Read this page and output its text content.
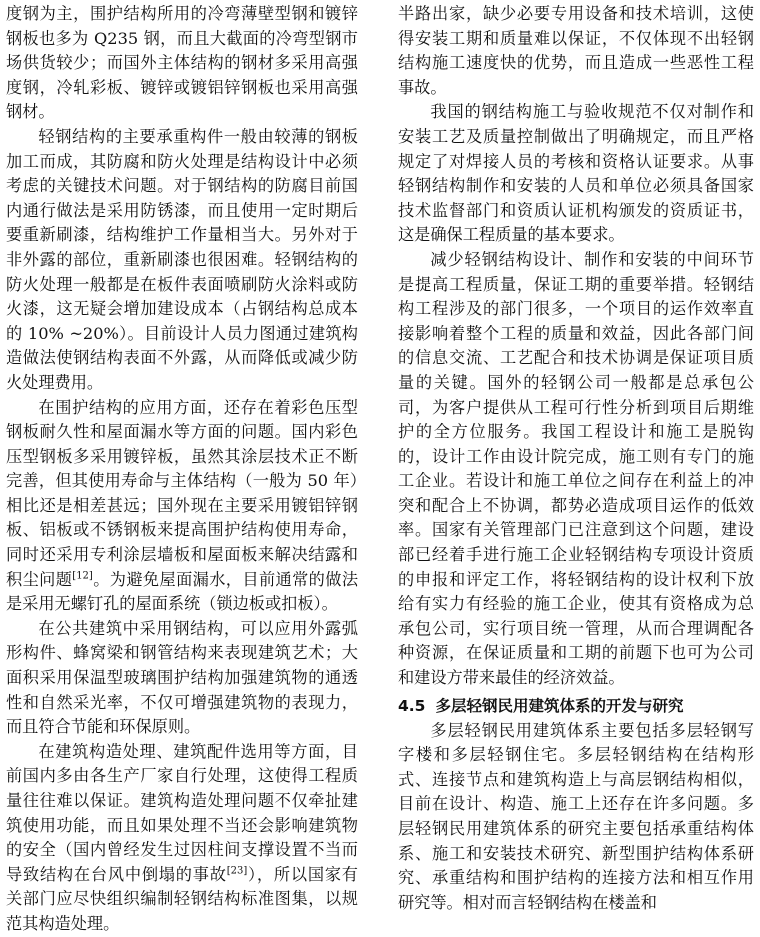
度钢为主，围护结构所用的冷弯薄壁型钢和镀锌钢板也多为 Q235 钢，而且大截面的冷弯型钢市场供货较少；而国外主体结构的钢材多采用高强度钢，冷轧彩板、镀锌或镀铝锌钢板也采用高强钢材。

轻钢结构的主要承重构件一般由较薄的钢板加工而成，其防腐和防火处理是结构设计中必须考虑的关键技术问题。对于钢结构的防腐目前国内通行做法是采用防锈漆，而且使用一定时期后要重新刷漆，结构维护工作量相当大。另外对于非外露的部位，重新刷漆也很困难。轻钢结构的防火处理一般都是在板件表面喷刷防火涂料或防火漆，这无疑会增加建设成本（占钢结构总成本的 10% ~20%）。目前设计人员力图通过建筑构造做法使钢结构表面不外露，从而降低或减少防火处理费用。

在围护结构的应用方面，还存在着彩色压型钢板耐久性和屋面漏水等方面的问题。国内彩色压型钢板多采用镀锌板，虽然其涂层技术正不断完善，但其使用寿命与主体结构（一般为 50 年）相比还是相差甚远；国外现在主要采用镀铝锌钢板、铝板或不锈钢板来提高围护结构使用寿命，同时还采用专利涂层墙板和屋面板来解决结露和积尘问题[12]。为避免屋面漏水，目前通常的做法是采用无螺钉孔的屋面系统（锁边板或扣板）。

在公共建筑中采用钢结构，可以应用外露弧形构件、蜂窝梁和钢管结构来表现建筑艺术；大面积采用保温型玻璃围护结构加强建筑物的通透性和自然采光率，不仅可增强建筑物的表现力，而且符合节能和环保原则。

在建筑构造处理、建筑配件选用等方面，目前国内多由各生产厂家自行处理，这使得工程质量往往难以保证。建筑构造处理问题不仅牵扯建筑使用功能，而且如果处理不当还会影响建筑物的安全（国内曾经发生过因柱间支撑设置不当而导致结构在台风中倒塌的事故[23]），所以国家有关部门应尽快组织编制轻钢结构标准图集，以规范其构造处理。

半路出家，缺少必要专用设备和技术培训，这使得安装工期和质量难以保证，不仅体现不出轻钢结构施工速度快的优势，而且造成一些恶性工程事故。

我国的钢结构施工与验收规范不仅对制作和安装工艺及质量控制做出了明确规定，而且严格规定了对焊接人员的考核和资格认证要求。从事轻钢结构制作和安装的人员和单位必须具备国家技术监督部门和资质认证机构颁发的资质证书，这是确保工程质量的基本要求。

减少轻钢结构设计、制作和安装的中间环节是提高工程质量，保证工期的重要举措。轻钢结构工程涉及的部门很多，一个项目的运作效率直接影响着整个工程的质量和效益，因此各部门间的信息交流、工艺配合和技术协调是保证项目质量的关键。国外的轻钢公司一般都是总承包公司，为客户提供从工程可行性分析到项目后期维护的全方位服务。我国工程设计和施工是脱钩的，设计工作由设计院完成，施工则有专门的施工企业。若设计和施工单位之间存在利益上的冲突和配合上不协调，都势必造成项目运作的低效率。国家有关管理部门已注意到这个问题，建设部已经着手进行施工企业轻钢结构专项设计资质的申报和评定工作，将轻钢结构的设计权利下放给有实力有经验的施工企业，使其有资格成为总承包公司，实行项目统一管理，从而合理调配各种资源，在保证质量和工期的前题下也可为公司和建设方带来最佳的经济效益。

4.5 多层轻钢民用建筑体系的开发与研究

多层轻钢民用建筑体系主要包括多层轻钢写字楼和多层轻钢住宅。多层轻钢结构在结构形式、连接节点和建筑构造上与高层钢结构相似，目前在设计、构造、施工上还存在许多问题。多层轻钢民用建筑体系的研究主要包括承重结构体系、施工和安装技术研究、新型围护结构体系研究、承重结构和围护结构的连接方法和相互作用研究等。相对而言轻钢结构在楼盖和
